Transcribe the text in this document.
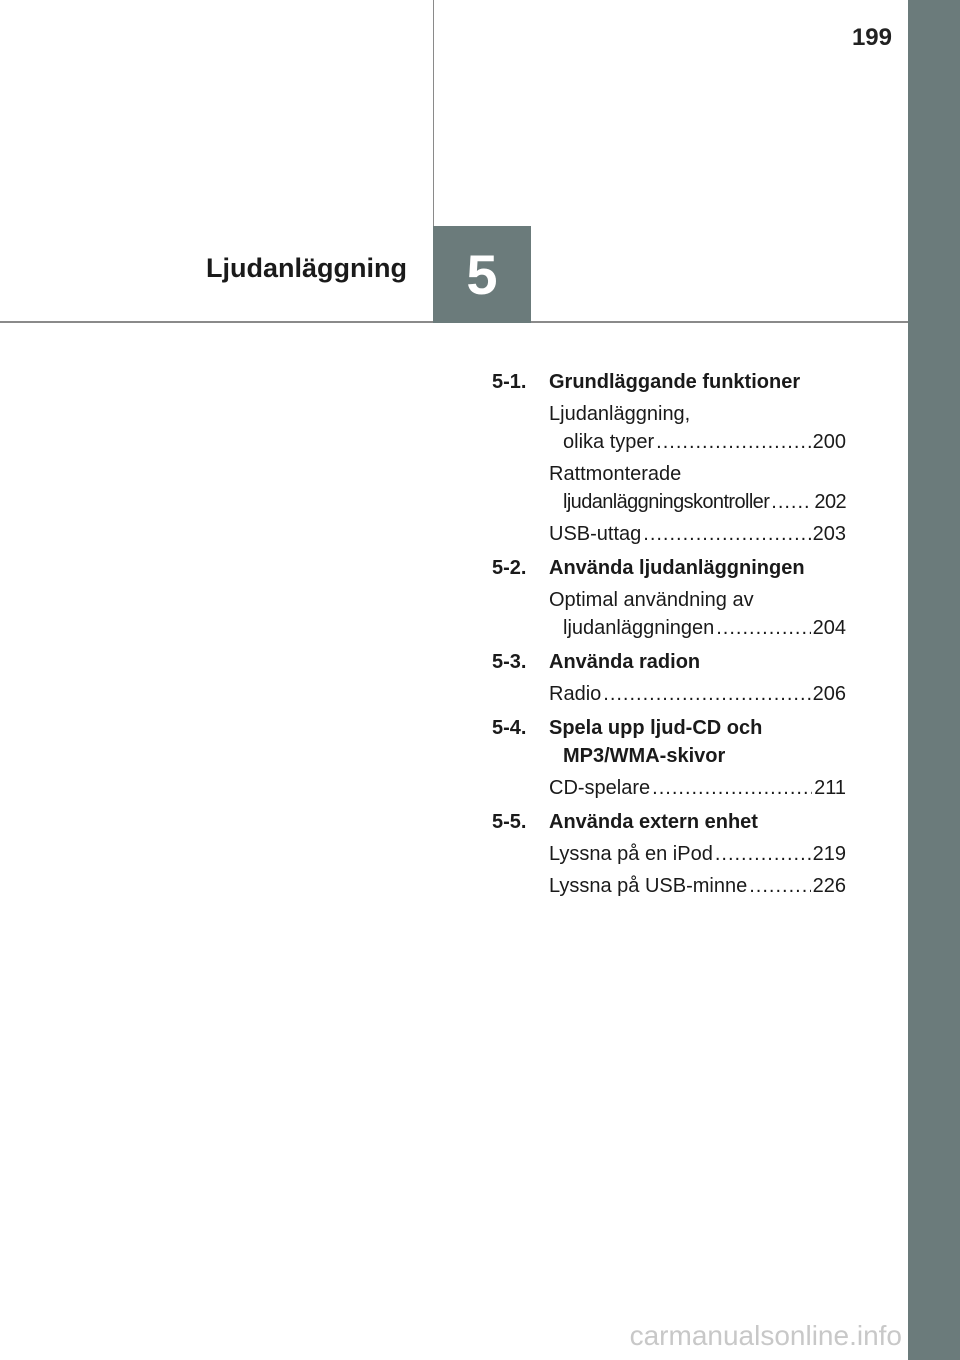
199
5
Ljudanläggning
5-1.	Grundläggande funktioner
Ljudanläggning,
olika typer .....	200
Rattmonterade
ljudanläggningskontroller ..... 202
USB-uttag .....	203
5-2.	Använda ljudanläggningen
Optimal användning av
ljudanläggningen .....	204
5-3.	Använda radion
Radio .....	206
5-4.	Spela upp ljud-CD och
MP3/WMA-skivor
CD-spelare .....	211
5-5.	Använda extern enhet
Lyssna på en iPod .....	219
Lyssna på USB-minne .....	226
carmanualsonline.info
